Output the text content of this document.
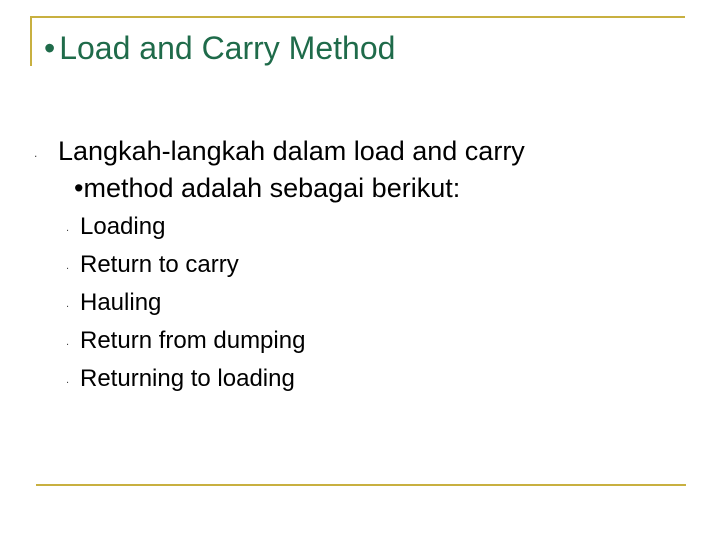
• Load and Carry Method
. Langkah-langkah dalam load and carry
•method adalah sebagai berikut:
. Loading
. Return to carry
. Hauling
. Return from dumping
. Returning to loading
